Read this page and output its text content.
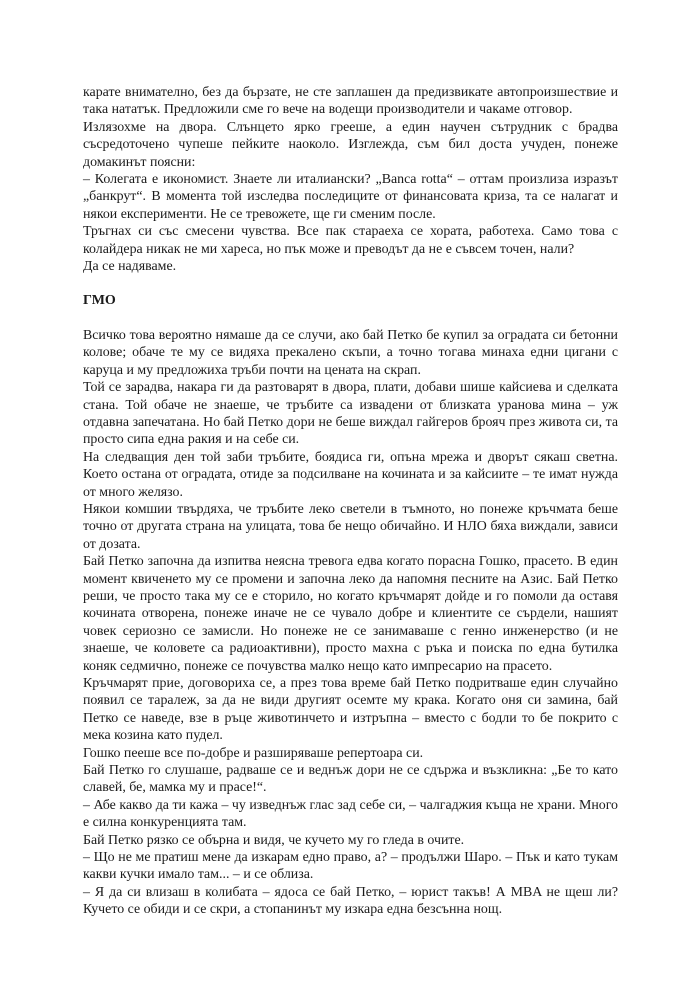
карате внимателно, без да бързате, не сте заплашен да предизвикате автопроизшествие и така нататък. Предложили сме го вече на водещи производители и чакаме отговор.

Излязохме на двора. Слънцето ярко грееше, а един научен сътрудник с брадва съсредоточено чупеше пейките наоколо. Изглежда, съм бил доста учуден, понеже домакинът поясни:

– Колегата е икономист. Знаете ли италиански? „Banca rotta“ – оттам произлиза изразът „банкрут“. В момента той изследва последиците от финансовата криза, та се налагат и някои експерименти. Не се тревожете, ще ги сменим после.

Тръгнах си със смесени чувства. Все пак стараеха се хората, работеха. Само това с колайдера никак не ми хареса, но пък може и преводът да не е съвсем точен, нали?

Да се надяваме.

ГМО

Всичко това вероятно нямаше да се случи, ако бай Петко бе купил за оградата си бетонни колове; обаче те му се видяха прекалено скъпи, а точно тогава минаха едни цигани с каруца и му предложиха тръби почти на цената на скрап.

Той се зарадва, накара ги да разтоварят в двора, плати, добави шише кайсиева и сделката стана. Той обаче не знаеше, че тръбите са извадени от близката уранова мина – уж отдавна запечатана. Но бай Петко дори не беше виждал гайгеров брояч през живота си, та просто сипа една ракия и на себе си.

На следващия ден той заби тръбите, боядиса ги, опъна мрежа и дворът сякаш светна. Което остана от оградата, отиде за подсилване на кочината и за кайсиите – те имат нужда от много желязо.

Някои комшии твърдяха, че тръбите леко светели в тъмното, но понеже кръчмата беше точно от другата страна на улицата, това бе нещо обичайно. И НЛО бяха виждали, зависи от дозата.

Бай Петко започна да изпитва неясна тревога едва когато порасна Гошко, прасето. В един момент квиченето му се промени и започна леко да напомня песните на Азис. Бай Петко реши, че просто така му се е сторило, но когато кръчмарят дойде и го помоли да оставя кочината отворена, понеже иначе не се чувало добре и клиентите се сърдели, нашият човек сериозно се замисли. Но понеже не се занимаваше с генно инженерство (и не знаеше, че коловете са радиоактивни), просто махна с ръка и поиска по една бутилка коняк седмично, понеже се почувства малко нещо като импресарио на прасето.

Кръчмарят прие, договориха се, а през това време бай Петко подритваше един случайно появил се таралеж, за да не види другият осемте му крака. Когато оня си замина, бай Петко се наведе, взе в ръце животинчето и изтръпна – вместо с бодли то бе покрито с мека козина като пудел.

Гошко пееше все по-добре и разширяваше репертоара си.

Бай Петко го слушаше, радваше се и веднъж дори не се сдържа и възкликна: „Бе то като славей, бе, мамка му и прасе!“.

– Абе какво да ти кажа – чу изведнъж глас зад себе си, – чалгаджия къща не храни. Много е силна конкуренцията там.

Бай Петко рязко се обърна и видя, че кучето му го гледа в очите.

– Що не ме пратиш мене да изкарам едно право, а? – продължи Шаро. – Пък и като тукам какви кучки имало там... – и се облиза.

– Я да си влизаш в колибата – ядоса се бай Петко, – юрист такъв! А MBA не щеш ли? Кучето се обиди и се скри, а стопанинът му изкара една безсънна нощ.
